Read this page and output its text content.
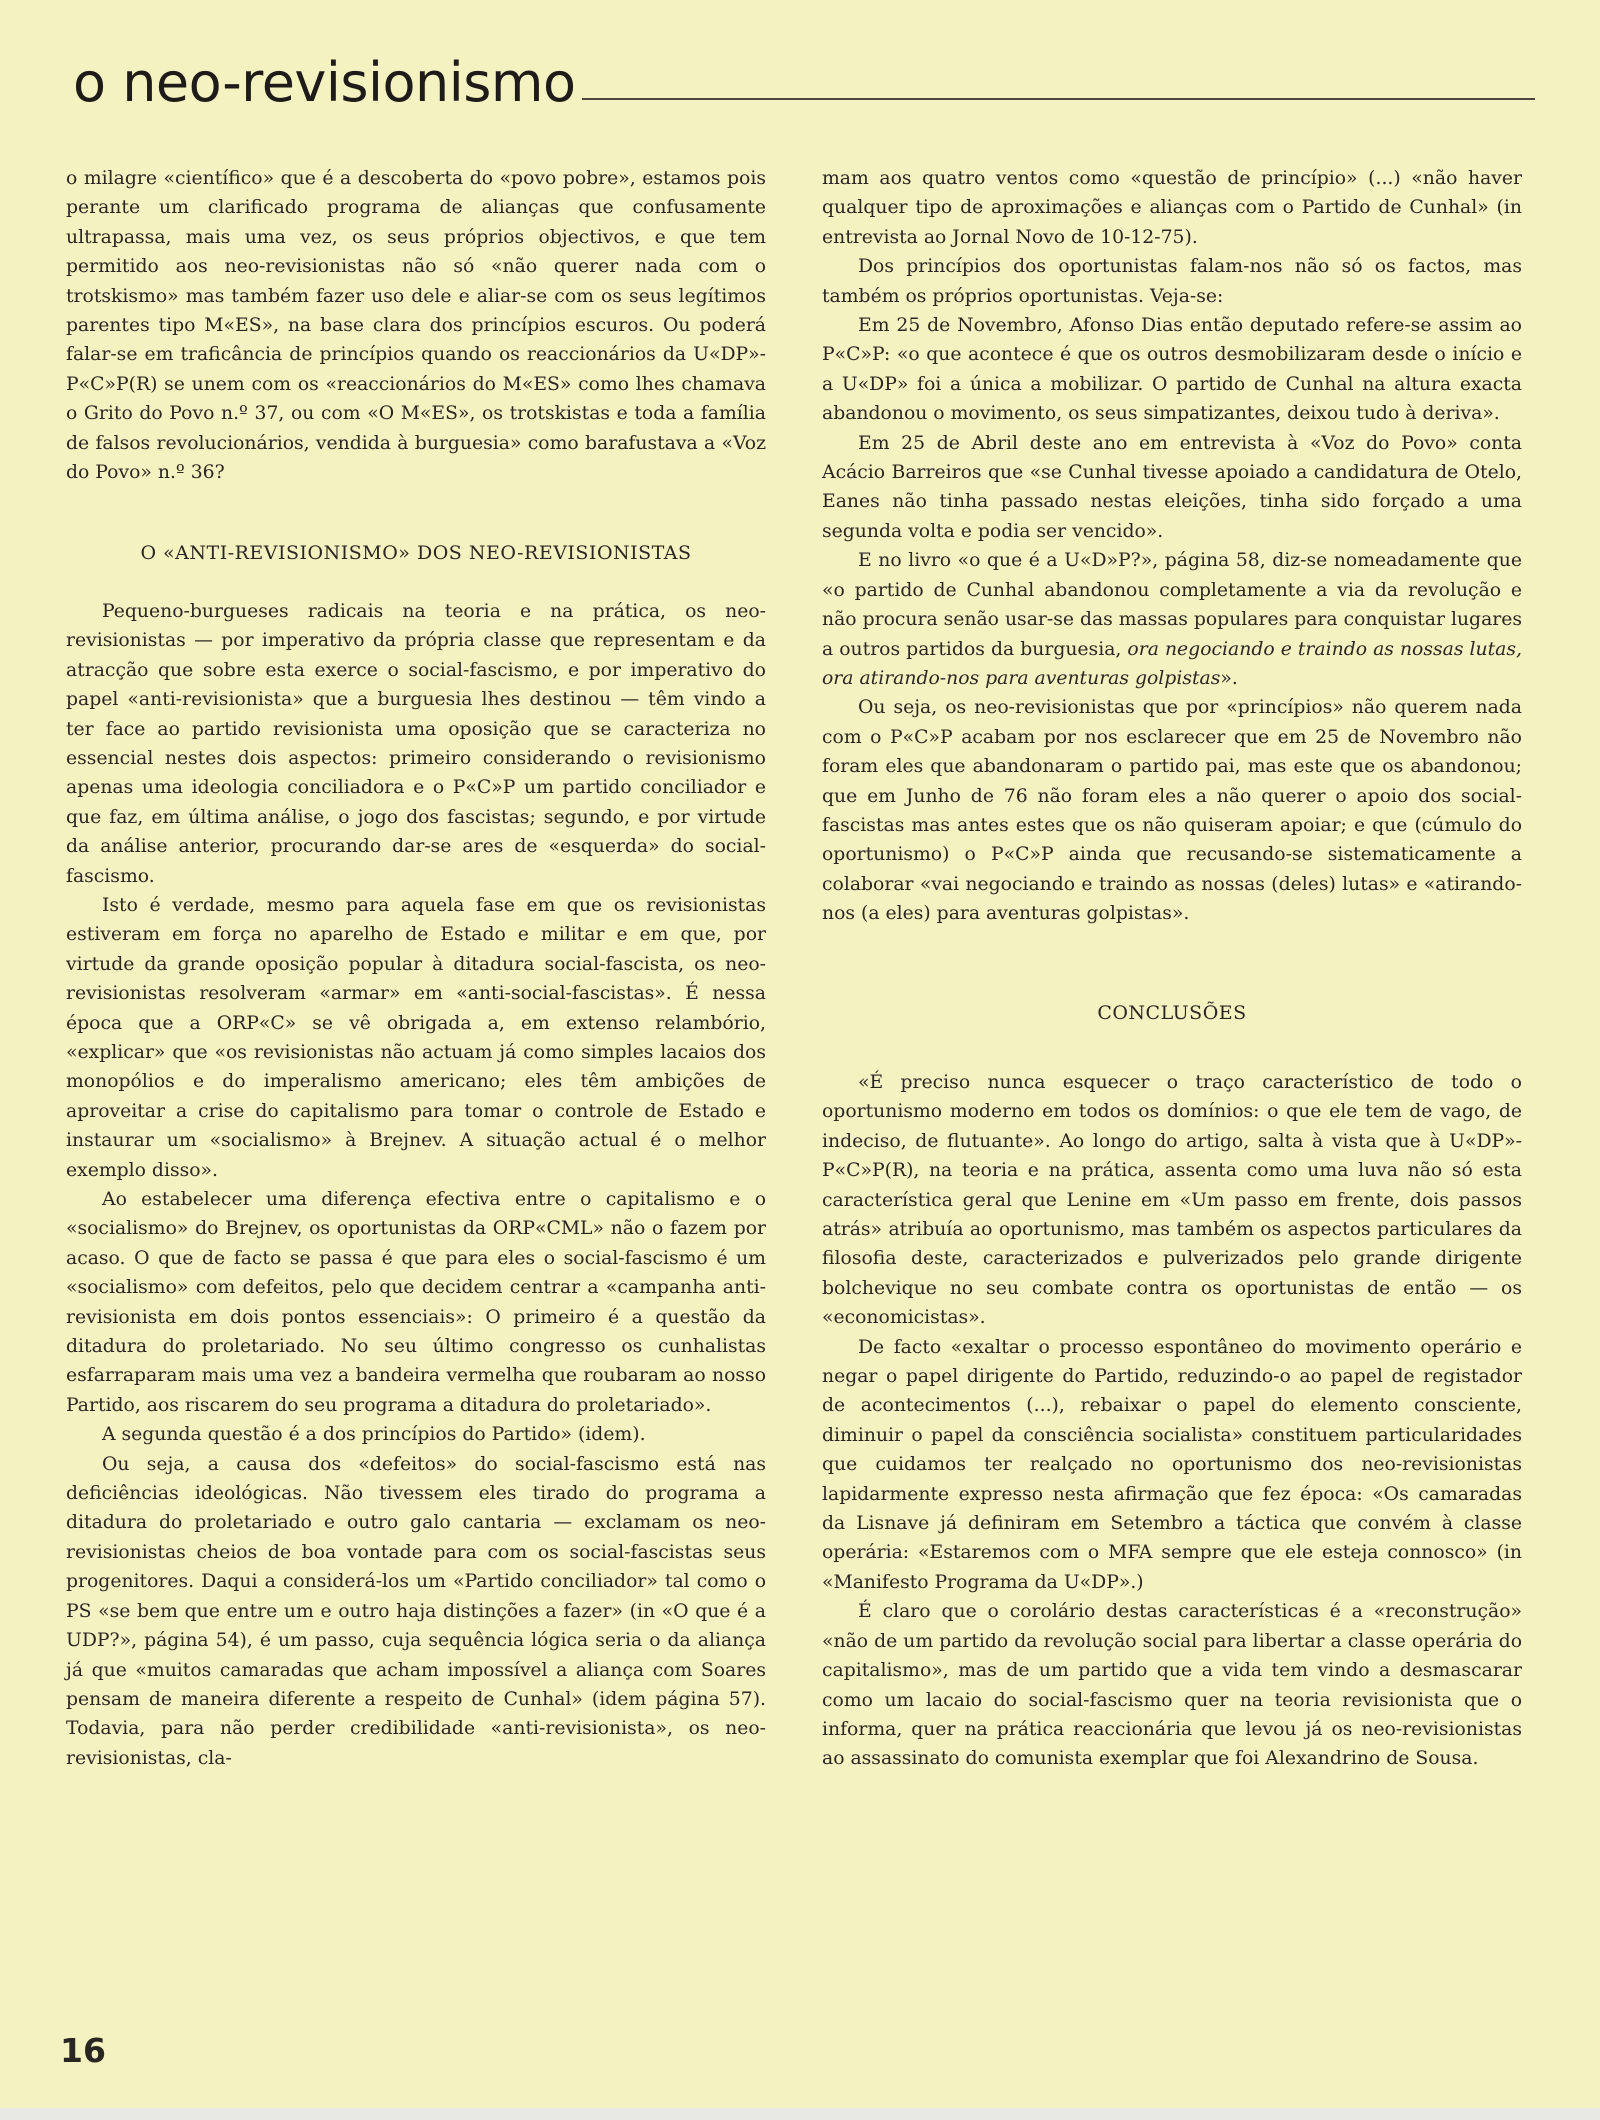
o neo-revisionismo

o milagre «científico» que é a descoberta do «povo pobre», estamos pois perante um clarificado programa de alianças que confusamente ultrapassa, mais uma vez, os seus próprios objectivos, e que tem permitido aos neo-revisionistas não só «não querer nada com o trotskismo» mas também fazer uso dele e aliar-se com os seus legítimos parentes tipo M«ES», na base clara dos princípios escuros. Ou poderá falar-se em traficância de princípios quando os reaccionários da U«DP»-P«C»P(R) se unem com os «reaccionários do M«ES» como lhes chamava o Grito do Povo n.º 37, ou com «O M«ES», os trotskistas e toda a família de falsos revolucionários, vendida à burguesia» como barafustava a «Voz do Povo» n.º 36?

O «ANTI-REVISIONISMO» DOS NEO-REVISIONISTAS

Pequeno-burgueses radicais na teoria e na prática, os neo-revisionistas — por imperativo da própria classe que representam e da atracção que sobre esta exerce o social-fascismo, e por imperativo do papel «anti-revisionista» que a burguesia lhes destinou — têm vindo a ter face ao partido revisionista uma oposição que se caracteriza no essencial nestes dois aspectos: primeiro considerando o revisionismo apenas uma ideologia conciliadora e o P«C»P um partido conciliador e que faz, em última análise, o jogo dos fascistas; segundo, e por virtude da análise anterior, procurando dar-se ares de «esquerda» do social-fascismo.

Isto é verdade, mesmo para aquela fase em que os revisionistas estiveram em força no aparelho de Estado e militar e em que, por virtude da grande oposição popular à ditadura social-fascista, os neo-revisionistas resolveram «armar» em «anti-social-fascistas». É nessa época que a ORP«C» se vê obrigada a, em extenso relambório, «explicar» que «os revisionistas não actuam já como simples lacaios dos monopólios e do imperalismo americano; eles têm ambições de aproveitar a crise do capitalismo para tomar o controle de Estado e instaurar um «socialismo» à Brejnev. A situação actual é o melhor exemplo disso».

Ao estabelecer uma diferença efectiva entre o capitalismo e o «socialismo» do Brejnev, os oportunistas da ORP«CML» não o fazem por acaso. O que de facto se passa é que para eles o social-fascismo é um «socialismo» com defeitos, pelo que decidem centrar a «campanha anti-revisionista em dois pontos essenciais»: O primeiro é a questão da ditadura do proletariado. No seu último congresso os cunhalistas esfarraparam mais uma vez a bandeira vermelha que roubaram ao nosso Partido, aos riscarem do seu programa a ditadura do proletariado».

A segunda questão é a dos princípios do Partido» (idem).

Ou seja, a causa dos «defeitos» do social-fascismo está nas deficiências ideológicas. Não tivessem eles tirado do programa a ditadura do proletariado e outro galo cantaria — exclamam os neo-revisionistas cheios de boa vontade para com os social-fascistas seus progenitores. Daqui a considerá-los um «Partido conciliador» tal como o PS «se bem que entre um e outro haja distinções a fazer» (in «O que é a UDP?», página 54), é um passo, cuja sequência lógica seria o da aliança já que «muitos camaradas que acham impossível a aliança com Soares pensam de maneira diferente a respeito de Cunhal» (idem página 57). Todavia, para não perder credibilidade «anti-revisionista», os neo-revisionistas, cla-

mam aos quatro ventos como «questão de princípio» (...) «não haver qualquer tipo de aproximações e alianças com o Partido de Cunhal» (in entrevista ao Jornal Novo de 10-12-75).

Dos princípios dos oportunistas falam-nos não só os factos, mas também os próprios oportunistas. Veja-se:

Em 25 de Novembro, Afonso Dias então deputado refere-se assim ao P«C»P: «o que acontece é que os outros desmobilizaram desde o início e a U«DP» foi a única a mobilizar. O partido de Cunhal na altura exacta abandonou o movimento, os seus simpatizantes, deixou tudo à deriva».

Em 25 de Abril deste ano em entrevista à «Voz do Povo» conta Acácio Barreiros que «se Cunhal tivesse apoiado a candidatura de Otelo, Eanes não tinha passado nestas eleições, tinha sido forçado a uma segunda volta e podia ser vencido».

E no livro «o que é a U«D»P?», página 58, diz-se nomeadamente que «o partido de Cunhal abandonou completamente a via da revolução e não procura senão usar-se das massas populares para conquistar lugares a outros partidos da burguesia, ora negociando e traindo as nossas lutas, ora atirando-nos para aventuras golpistas».

Ou seja, os neo-revisionistas que por «princípios» não querem nada com o P«C»P acabam por nos esclarecer que em 25 de Novembro não foram eles que abandonaram o partido pai, mas este que os abandonou; que em Junho de 76 não foram eles a não querer o apoio dos social-fascistas mas antes estes que os não quiseram apoiar; e que (cúmulo do oportunismo) o P«C»P ainda que recusando-se sistematicamente a colaborar «vai negociando e traindo as nossas (deles) lutas» e «atirando-nos (a eles) para aventuras golpistas».

CONCLUSÕES

«É preciso nunca esquecer o traço característico de todo o oportunismo moderno em todos os domínios: o que ele tem de vago, de indeciso, de flutuante». Ao longo do artigo, salta à vista que à U«DP»-P«C»P(R), na teoria e na prática, assenta como uma luva não só esta característica geral que Lenine em «Um passo em frente, dois passos atrás» atribuía ao oportunismo, mas também os aspectos particulares da filosofia deste, caracterizados e pulverizados pelo grande dirigente bolchevique no seu combate contra os oportunistas de então — os «economicistas».

De facto «exaltar o processo espontâneo do movimento operário e negar o papel dirigente do Partido, reduzindo-o ao papel de registador de acontecimentos (...), rebaixar o papel do elemento consciente, diminuir o papel da consciência socialista» constituem particularidades que cuidamos ter realçado no oportunismo dos neo-revisionistas lapidarmente expresso nesta afirmação que fez época: «Os camaradas da Lisnave já definiram em Setembro a táctica que convém à classe operária: «Estaremos com o MFA sempre que ele esteja connosco» (in «Manifesto Programa da U«DP».)

É claro que o corolário destas características é a «reconstrução» «não de um partido da revolução social para libertar a classe operária do capitalismo», mas de um partido que a vida tem vindo a desmascarar como um lacaio do social-fascismo quer na teoria revisionista que o informa, quer na prática reaccionária que levou já os neo-revisionistas ao assassinato do comunista exemplar que foi Alexandrino de Sousa.

16
